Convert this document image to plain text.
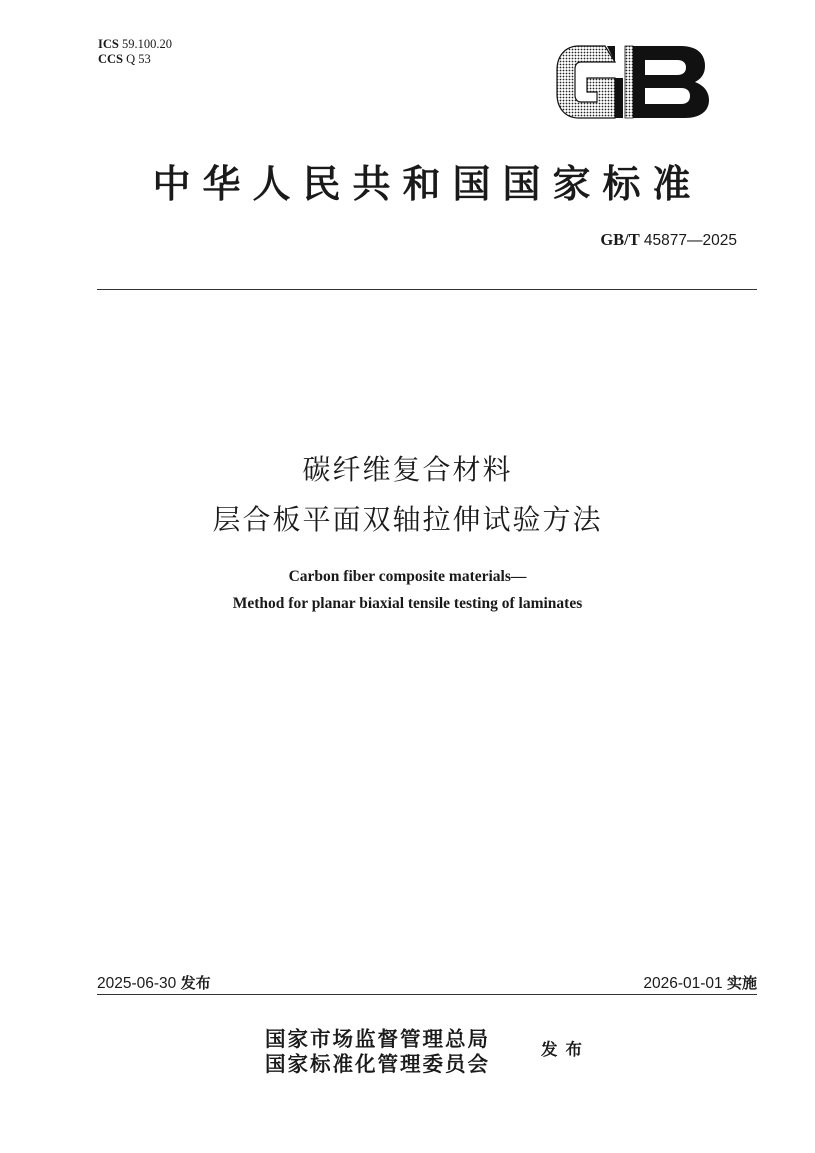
ICS 59.100.20
CCS Q 53
中华人民共和国国家标准
GB/T 45877—2025
碳纤维复合材料
层合板平面双轴拉伸试验方法
Carbon fiber composite materials—
Method for planar biaxial tensile testing of laminates
2025-06-30 发布	2026-01-01 实施
国家市场监督管理总局
国家标准化管理委员会
发布
